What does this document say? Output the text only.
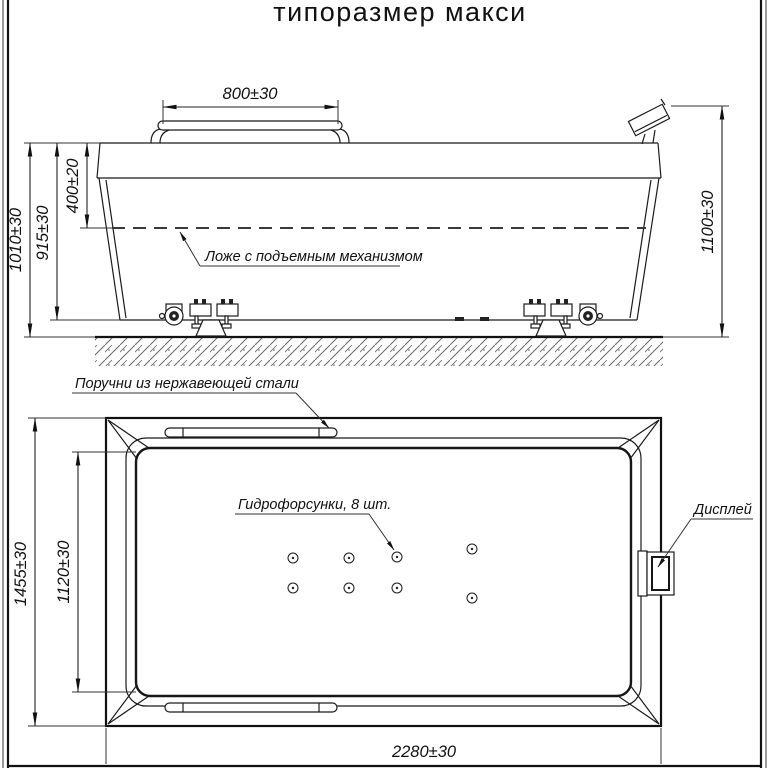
типоразмер макси
800±30
1010±30 915±30
400±20
1100±30
Ложе с подъемным механизмом
Поручни из нержавеющей стали
Гидрофорсунки, 8 шт.	Дисплей
1455±30 1120±30
2280±30
